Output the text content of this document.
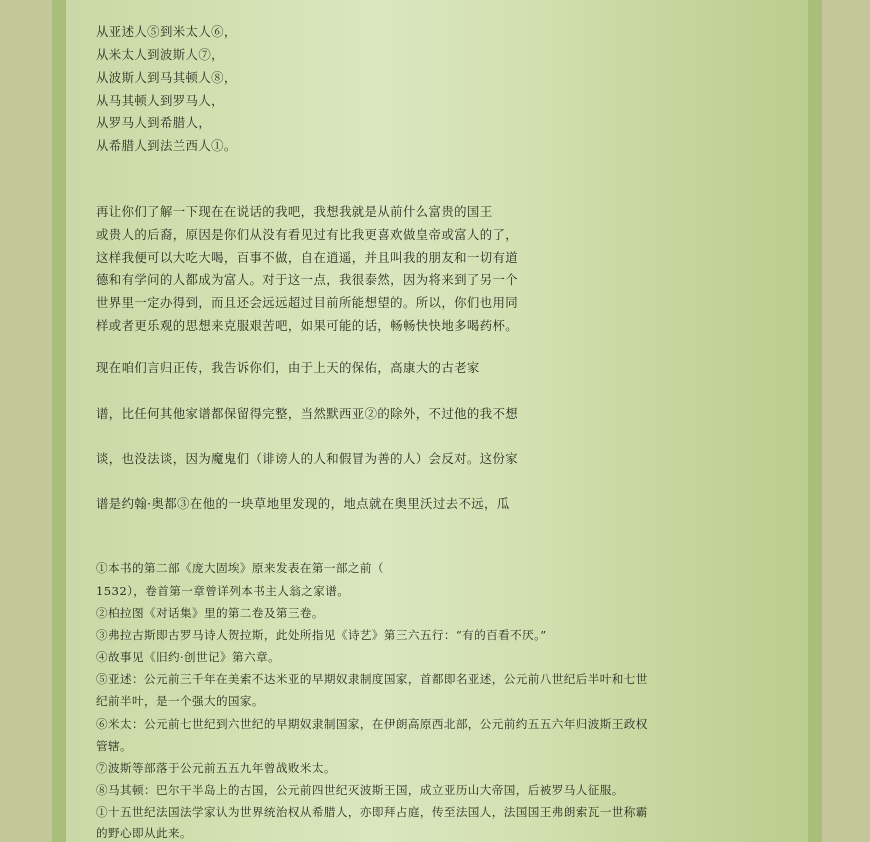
从亚述人⑤到米太人⑥，

从米太人到波斯人⑦，

从波斯人到马其顿人⑧，

从马其顿人到罗马人，

从罗马人到希腊人，

从希腊人到法兰西人①。

再让你们了解一下现在在说话的我吧，我想我就是从前什么富贵的国王

或贵人的后裔，原因是你们从没有看见过有比我更喜欢做皇帝或富人的了，

这样我便可以大吃大喝，百事不做，自在逍遥，并且叫我的朋友和一切有道

德和有学问的人都成为富人。对于这一点，我很泰然，因为将来到了另一个

世界里一定办得到，而且还会远远超过目前所能想望的。所以，你们也用同

样或者更乐观的思想来克服艰苦吧，如果可能的话，畅畅快快地多喝药杯。

现在咱们言归正传，我告诉你们，由于上天的保佑，高康大的古老家

谱，比任何其他家谱都保留得完整，当然默西亚②的除外，不过他的我不想

谈，也没法谈，因为魔鬼们（诽谤人的人和假冒为善的人）会反对。这份家

谱是约翰·奥都③在他的一块草地里发现的，地点就在奥里沃过去不远，瓜

①本书的第二部《庞大固埃》原来发表在第一部之前（

1532），卷首第一章曾详列本书主人翁之家谱。

②柏拉图《对话集》里的第二卷及第三卷。

③弗拉古斯即古罗马诗人贺拉斯，此处所指见《诗艺》第三六五行：“有的百看不厌。”

④故事见《旧约·创世记》第六章。

⑤亚述：公元前三千年在美索不达米亚的早期奴隶制度国家，首都即名亚述，公元前八世纪后半叶和七世

纪前半叶，是一个强大的国家。

⑥米太：公元前七世纪到六世纪的早期奴隶制国家，在伊朗高原西北部，公元前约五五六年归波斯王政权

管辖。

⑦波斯等部落于公元前五五九年曾战败米太。

⑧马其顿：巴尔干半岛上的古国，公元前四世纪灭波斯王国，成立亚历山大帝国，后被罗马人征服。

①十五世纪法国法学家认为世界统治权从希腊人，亦即拜占庭，传至法国人，法国国王弗朗索瓦一世称霸

的野心即从此来。
